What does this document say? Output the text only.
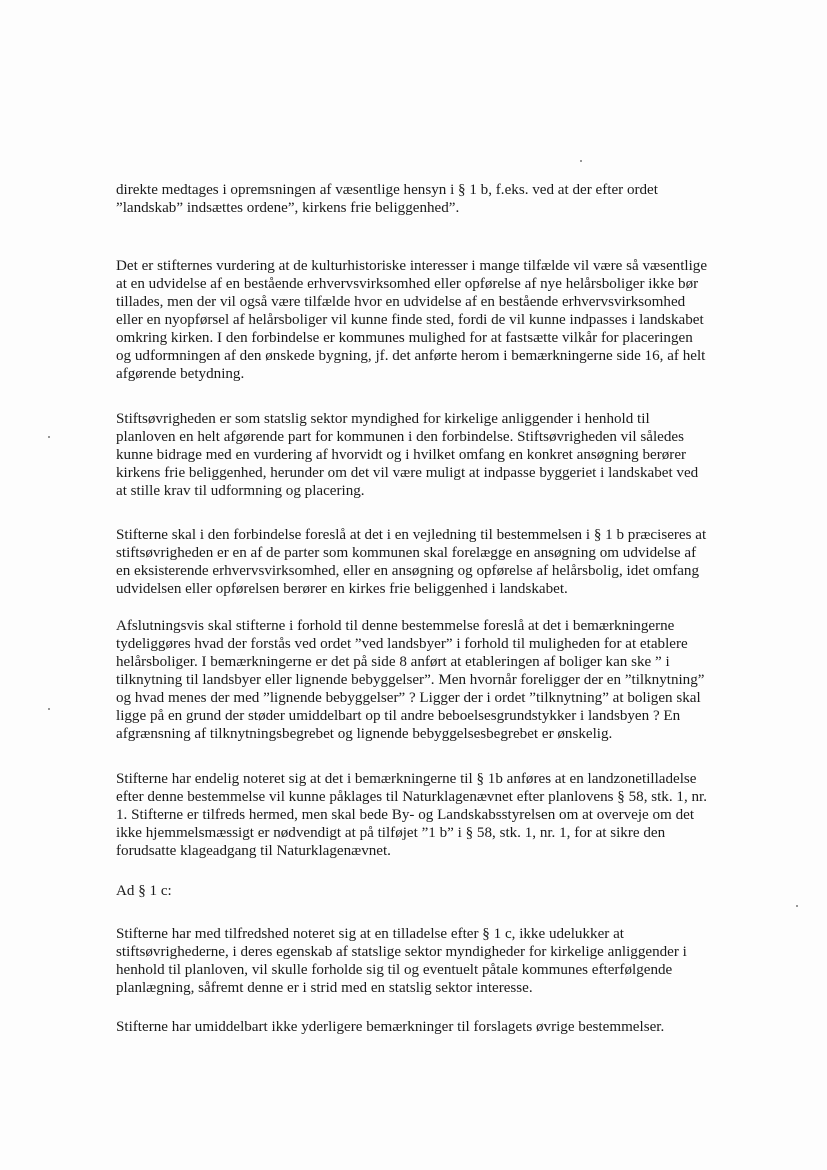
direkte medtages i opremsningen af væsentlige hensyn i § 1 b, f.eks. ved at der efter ordet
”landskab” indsættes ordene”, kirkens frie beliggenhed”.

Det er stifternes vurdering at de kulturhistoriske interesser i mange tilfælde vil være så væsentlige
at en udvidelse af en bestående erhvervsvirksomhed eller opførelse af nye helårsboliger ikke bør
tillades, men der vil også være tilfælde hvor en udvidelse af en bestående erhvervsvirksomhed
eller en nyopførsel af helårsboliger vil kunne finde sted, fordi de vil kunne indpasses i landskabet
omkring kirken. I den forbindelse er kommunes mulighed for at fastsætte vilkår for placeringen
og udformningen af den ønskede bygning, jf. det anførte herom i bemærkningerne side 16, af helt
afgørende betydning.

Stiftsøvrigheden er som statslig sektor myndighed for kirkelige anliggender i henhold til
planloven en helt afgørende part for kommunen i den forbindelse. Stiftsøvrigheden vil således
kunne bidrage med en vurdering af hvorvidt og i hvilket omfang en konkret ansøgning berører
kirkens frie beliggenhed, herunder om det vil være muligt at indpasse byggeriet i landskabet ved
at stille krav til udformning og placering.

Stifterne skal i den forbindelse foreslå at det i en vejledning til bestemmelsen i § 1 b præciseres at
stiftsøvrigheden er en af de parter som kommunen skal forelægge en ansøgning om udvidelse af
en eksisterende erhvervsvirksomhed, eller en ansøgning og opførelse af helårsbolig, idet omfang
udvidelsen eller opførelsen berører en kirkes frie beliggenhed i landskabet.

Afslutningsvis skal stifterne i forhold til denne bestemmelse foreslå at det i bemærkningerne
tydeliggøres hvad der forstås ved ordet ”ved landsbyer” i forhold til muligheden for at etablere
helårsboliger. I bemærkningerne er det på side 8 anført at etableringen af boliger kan ske ” i
tilknytning til landsbyer eller lignende bebyggelser”. Men hvornår foreligger der en ”tilknytning”
og hvad menes der med ”lignende bebyggelser” ? Ligger der i ordet ”tilknytning” at boligen skal
ligge på en grund der støder umiddelbart op til andre beboelsesgrundstykker i landsbyen ? En
afgrænsning af tilknytningsbegrebet og lignende bebyggelsesbegrebet er ønskelig.

Stifterne har endelig noteret sig at det i bemærkningerne til § 1b anføres at en landzonetilladelse
efter denne bestemmelse vil kunne påklages til Naturklagenævnet efter planlovens § 58, stk. 1, nr.
1. Stifterne er tilfreds hermed, men skal bede By- og Landskabsstyrelsen om at overveje om det
ikke hjemmelsmæssigt er nødvendigt at på tilføjet ”1 b” i § 58, stk. 1, nr. 1, for at sikre den
forudsatte klageadgang til Naturklagenævnet.

Ad § 1 c:

Stifterne har med tilfredshed noteret sig at en tilladelse efter § 1 c, ikke udelukker at
stiftsøvrighederne, i deres egenskab af statslige sektor myndigheder for kirkelige anliggender i
henhold til planloven, vil skulle forholde sig til og eventuelt påtale kommunes efterfølgende
planlægning, såfremt denne er i strid med en statslig sektor interesse.

Stifterne har umiddelbart ikke yderligere bemærkninger til forslagets øvrige bestemmelser.
